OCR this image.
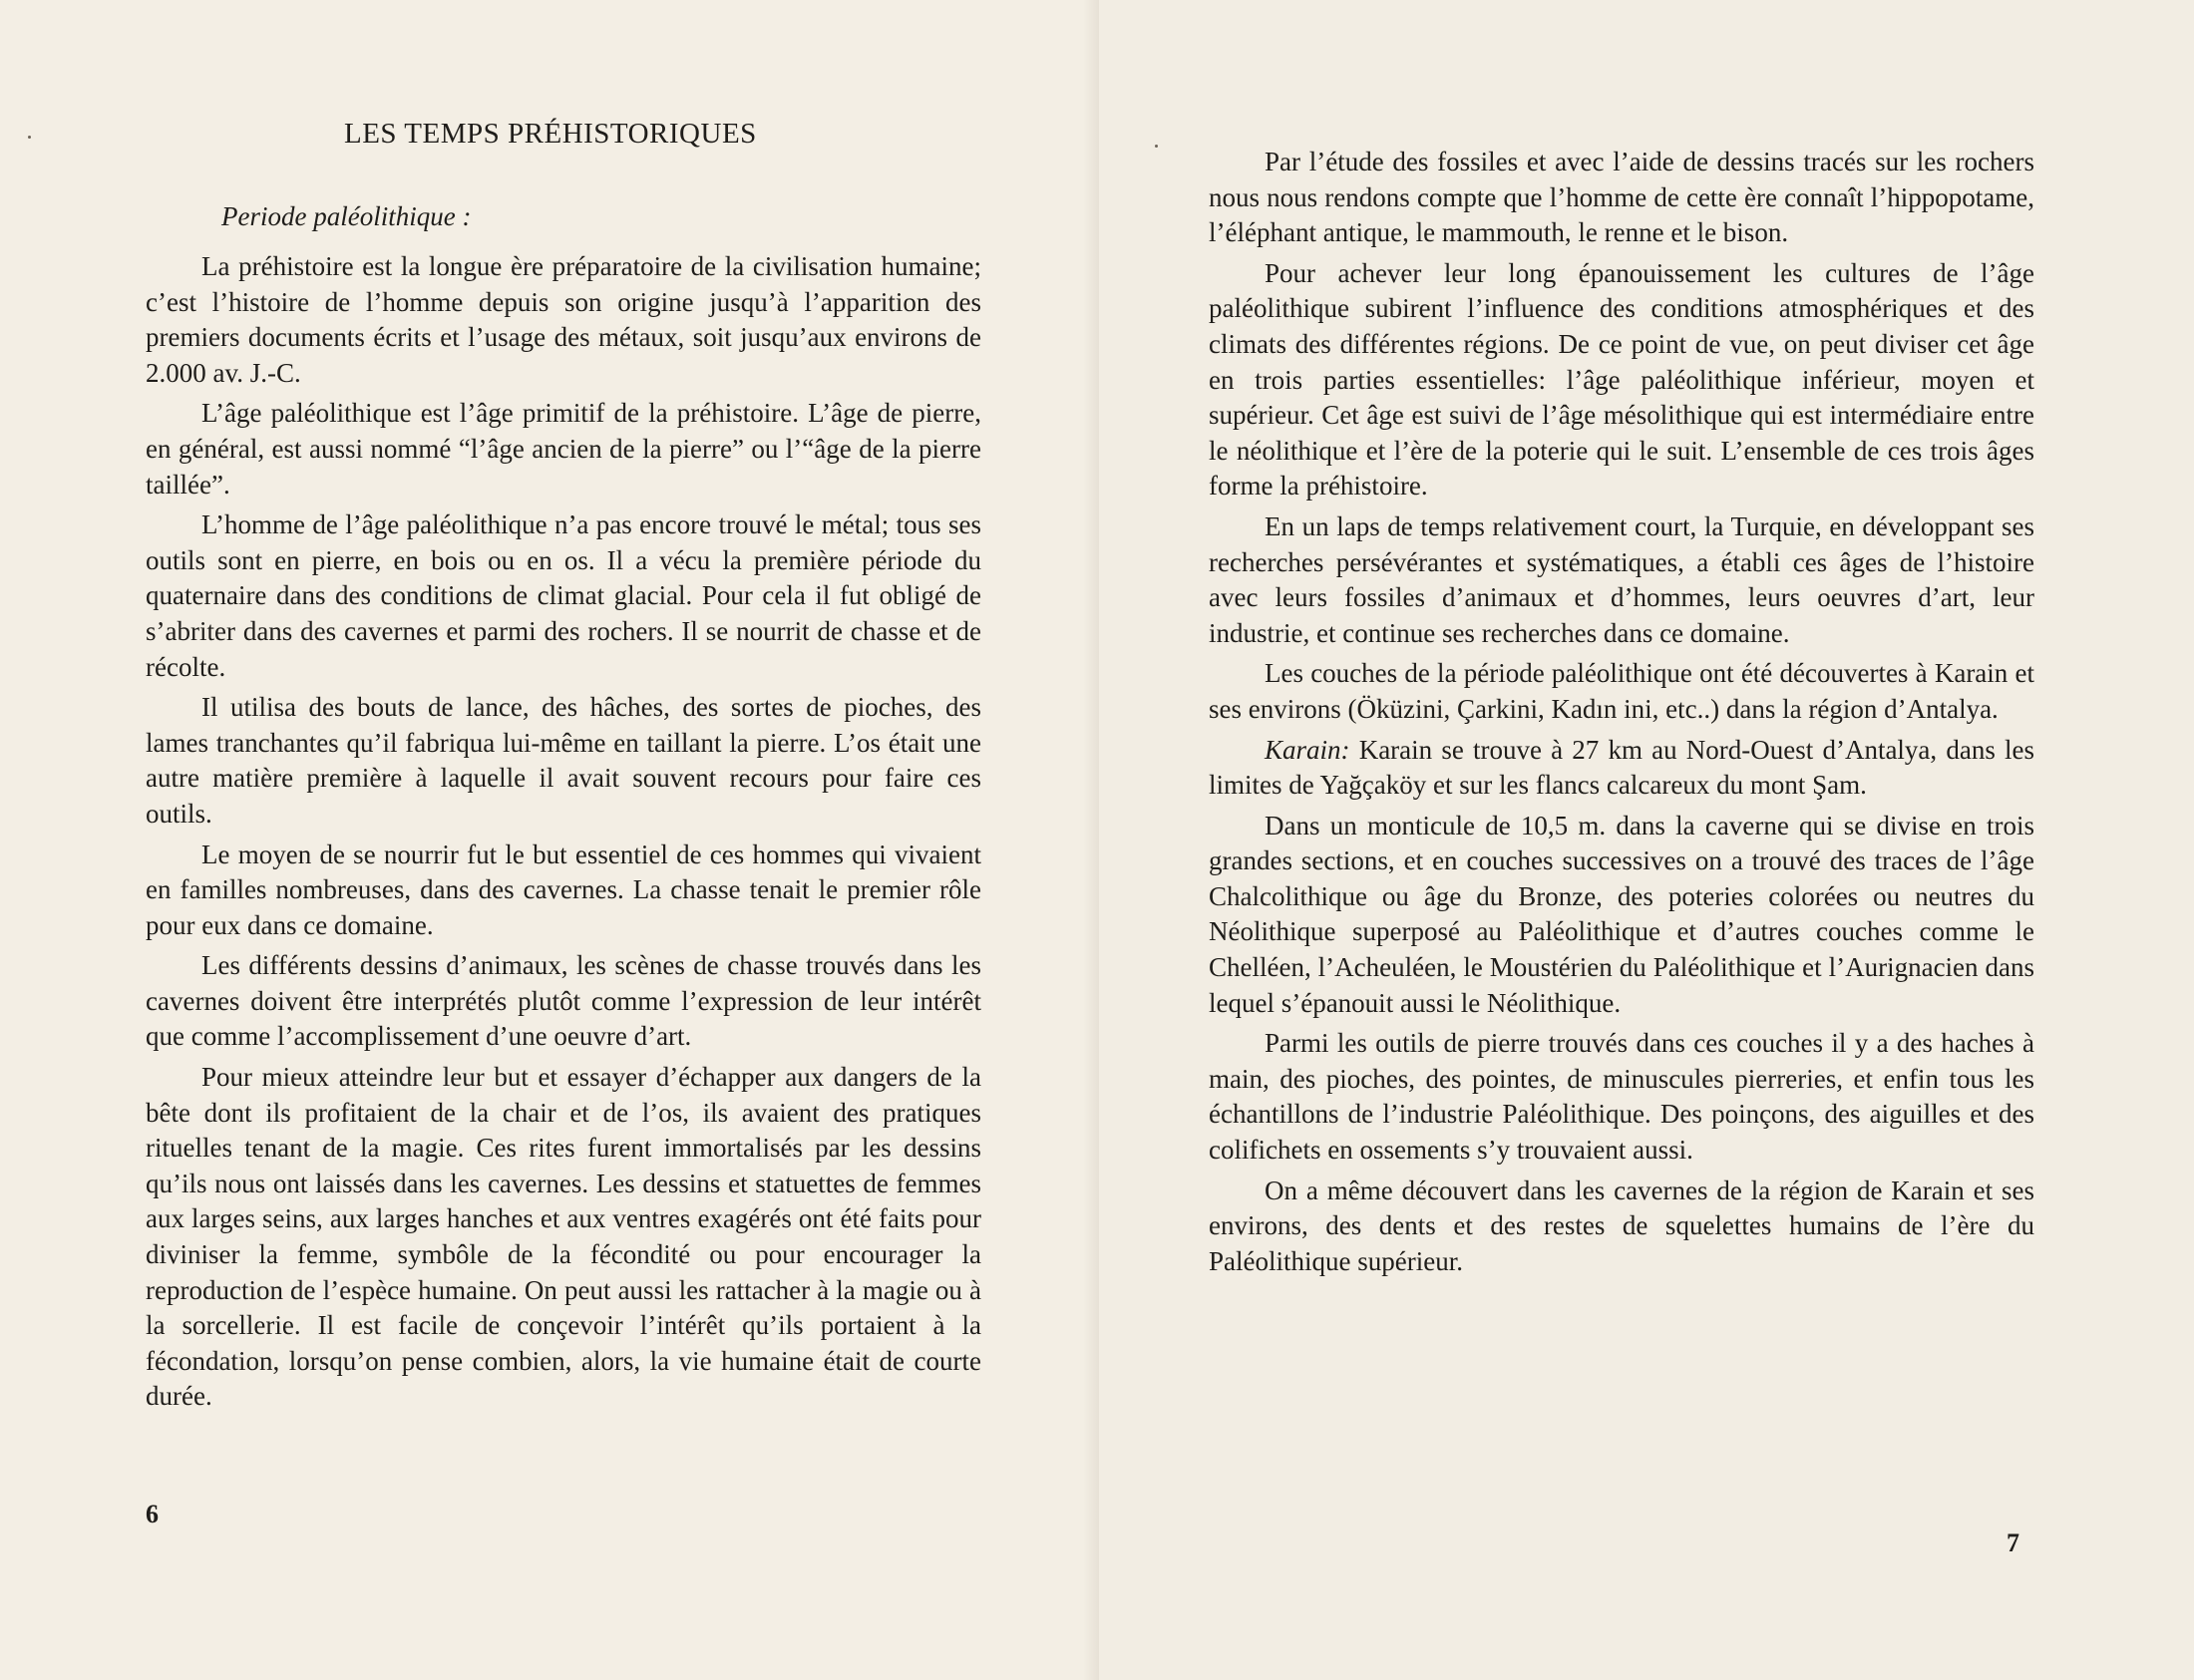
LES TEMPS PRÉHISTORIQUES
Periode paléolithique :

La préhistoire est la longue ère préparatoire de la civilisation humaine; c’est l’histoire de l’homme depuis son origine jusqu’à l’apparition des premiers documents écrits et l’usage des métaux, soit jusqu’aux environs de 2.000 av. J.-C.

L’âge paléolithique est l’âge primitif de la préhistoire. L’âge de pierre, en général, est aussi nommé “l’âge ancien de la pierre” ou l’“âge de la pierre taillée”.

L’homme de l’âge paléolithique n’a pas encore trouvé le métal; tous ses outils sont en pierre, en bois ou en os. Il a vécu la première période du quaternaire dans des conditions de climat glacial. Pour cela il fut obligé de s’abriter dans des cavernes et parmi des rochers. Il se nourrit de chasse et de récolte.

Il utilisa des bouts de lance, des hâches, des sortes de pioches, des lames tranchantes qu’il fabriqua lui-même en taillant la pierre. L’os était une autre matière première à laquelle il avait souvent recours pour faire ces outils.

Le moyen de se nourrir fut le but essentiel de ces hommes qui vivaient en familles nombreuses, dans des cavernes. La chasse tenait le premier rôle pour eux dans ce domaine.

Les différents dessins d’animaux, les scènes de chasse trouvés dans les cavernes doivent être interprétés plutôt comme l’expression de leur intérêt que comme l’accomplissement d’une oeuvre d’art.

Pour mieux atteindre leur but et essayer d’échapper aux dangers de la bête dont ils profitaient de la chair et de l’os, ils avaient des pratiques rituelles tenant de la magie. Ces rites furent immortalisés par les dessins qu’ils nous ont laissés dans les cavernes. Les dessins et statuettes de femmes aux larges seins, aux larges hanches et aux ventres exagérés ont été faits pour diviniser la femme, symbôle de la fécondité ou pour encourager la reproduction de l’espèce humaine. On peut aussi les rattacher à la magie ou à la sorcellerie. Il est facile de conçevoir l’intérêt qu’ils portaient à la fécondation, lorsqu’on pense combien, alors, la vie humaine était de courte durée.

6

Par l’étude des fossiles et avec l’aide de dessins tracés sur les rochers nous nous rendons compte que l’homme de cette ère connaît l’hippopotame, l’éléphant antique, le mammouth, le renne et le bison.

Pour achever leur long épanouissement les cultures de l’âge paléolithique subirent l’influence des conditions atmosphériques et des climats des différentes régions. De ce point de vue, on peut diviser cet âge en trois parties essentielles: l’âge paléolithique inférieur, moyen et supérieur. Cet âge est suivi de l’âge mésolithique qui est intermédiaire entre le néolithique et l’ère de la poterie qui le suit. L’ensemble de ces trois âges forme la préhistoire.

En un laps de temps relativement court, la Turquie, en développant ses recherches persévérantes et systématiques, a établi ces âges de l’histoire avec leurs fossiles d’animaux et d’hommes, leurs oeuvres d’art, leur industrie, et continue ses recherches dans ce domaine.

Les couches de la période paléolithique ont été découvertes à Karain et ses environs (Öküzini, Çarkini, Kadın ini, etc..) dans la région d’Antalya.

Karain: Karain se trouve à 27 km au Nord-Ouest d’Antalya, dans les limites de Yağçaköy et sur les flancs calcareux du mont Şam.

Dans un monticule de 10,5 m. dans la caverne qui se divise en trois grandes sections, et en couches successives on a trouvé des traces de l’âge Chalcolithique ou âge du Bronze, des poteries colorées ou neutres du Néolithique superposé au Paléolithique et d’autres couches comme le Chelléen, l’Acheuléen, le Moustérien du Paléolithique et l’Aurignacien dans lequel s’épanouit aussi le Néolithique.

Parmi les outils de pierre trouvés dans ces couches il y a des haches à main, des pioches, des pointes, de minuscules pierreries, et enfin tous les échantillons de l’industrie Paléolithique. Des poinçons, des aiguilles et des colifichets en ossements s’y trouvaient aussi.

On a même découvert dans les cavernes de la région de Karain et ses environs, des dents et des restes de squelettes humains de l’ère du Paléolithique supérieur.

7
